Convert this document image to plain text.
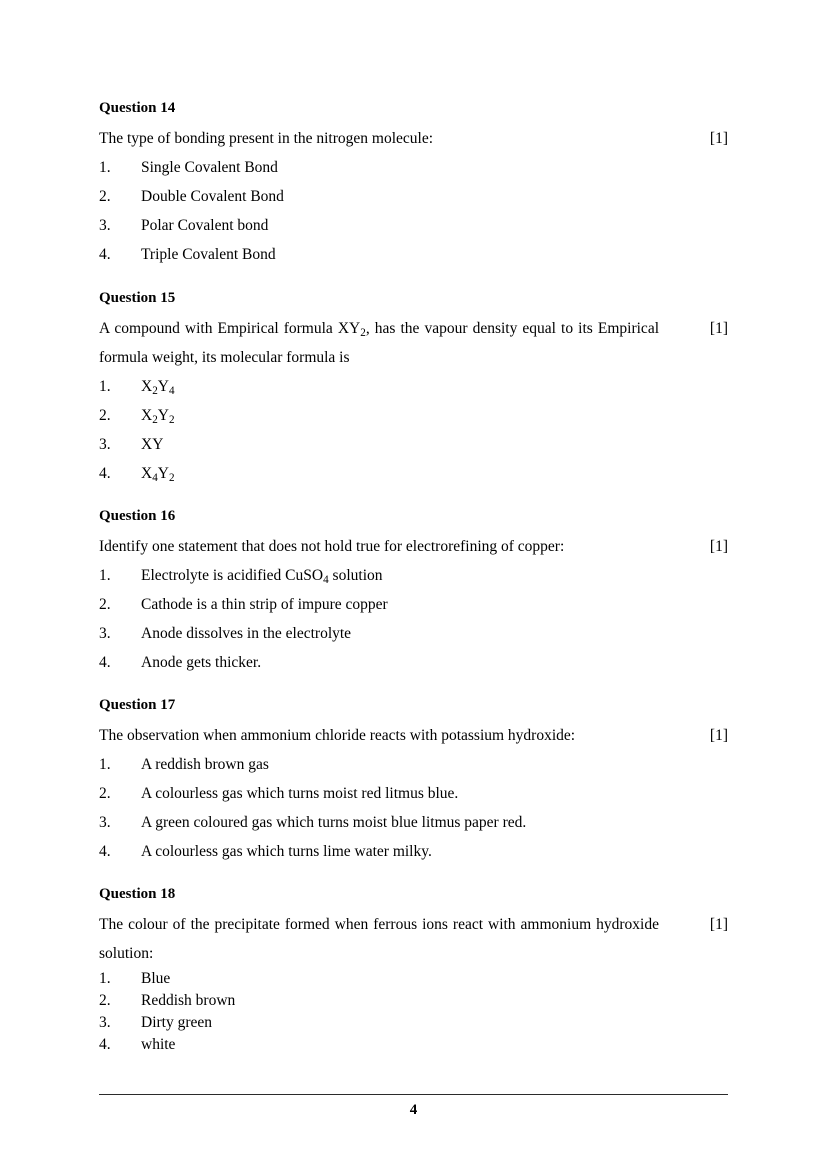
Question 14
The type of bonding present in the nitrogen molecule:	[1]
1.	Single Covalent Bond
2.	Double Covalent Bond
3.	Polar Covalent bond
4.	Triple Covalent Bond
Question 15
A compound with Empirical formula $XY_2$, has the vapour density equal to its Empirical formula weight, its molecular formula is
[1]
1.	$X_2Y_4$
2.	$X_2Y_2$
3.	XY
4.	$X_4Y_2$
Question 16
Identify one statement that does not hold true for electrorefining of copper:	[1]
1.	Electrolyte is acidified CuSO$_4$ solution
2.	Cathode is a thin strip of impure copper
3.	Anode dissolves in the electrolyte
4.	Anode gets thicker.
Question 17
The observation when ammonium chloride reacts with potassium hydroxide:	[1]
1.	A reddish brown gas
2.	A colourless gas which turns moist red litmus blue.
3.	A green coloured gas which turns moist blue litmus paper red.
4.	A colourless gas which turns lime water milky.
Question 18
The colour of the precipitate formed when ferrous ions react with ammonium hydroxide solution:
[1]
1.	Blue
2.	Reddish brown
3.	Dirty green
4.	white
4
